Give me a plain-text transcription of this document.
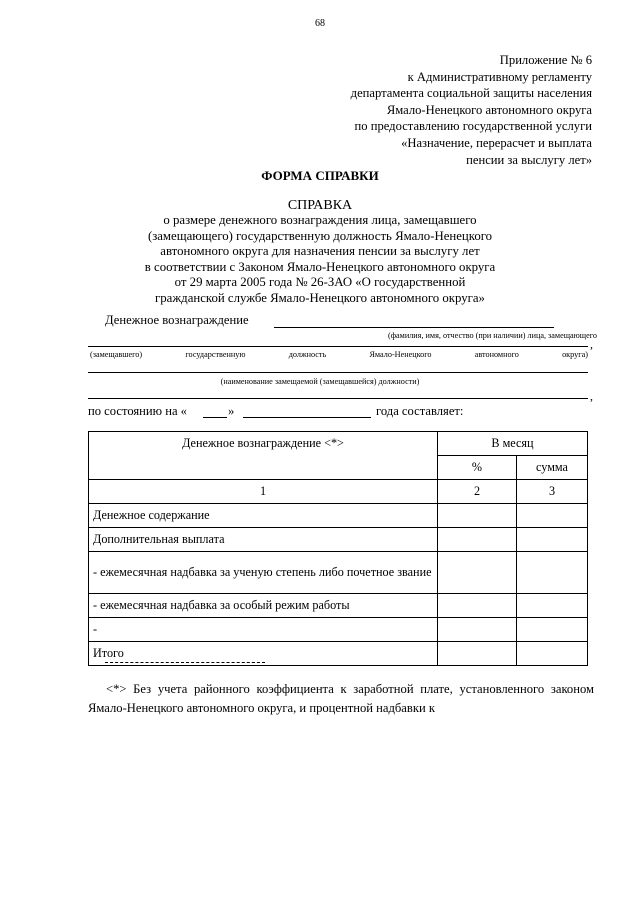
68
Приложение № 6
к Административному регламенту
департамента социальной защиты населения
Ямало-Ненецкого автономного округа
по предоставлению государственной услуги
«Назначение, перерасчет и выплата
пенсии за выслугу лет»
ФОРМА СПРАВКИ
СПРАВКА
о размере денежного вознаграждения лица, замещавшего
(замещающего) государственную должность Ямало-Ненецкого
автономного округа для назначения пенсии за выслугу лет
в соответствии с Законом Ямало-Ненецкого автономного округа
от 29 марта 2005 года № 26-ЗАО «О государственной
гражданской службе Ямало-Ненецкого автономного округа»
Денежное вознаграждение
(фамилия, имя, отчество (при наличии) лица, замещающего
,
(замещавшего)	государственную	должность	Ямало-Ненецкого	автономного	округа)
(наименование замещаемой (замещавшейся) должности)
,
по состоянию на «	»	года составляет:
Денежное вознаграждение <*>	В месяц	
	%	сумма
1	2	3
Денежное содержание		
Дополнительная выплата		
- ежемесячная надбавка за ученую степень либо почетное звание		
- ежемесячная надбавка за особый режим работы		
-		
Итого		
<*> Без учета районного коэффициента к заработной плате, установленного законом Ямало-Ненецкого автономного округа, и процентной надбавки к
